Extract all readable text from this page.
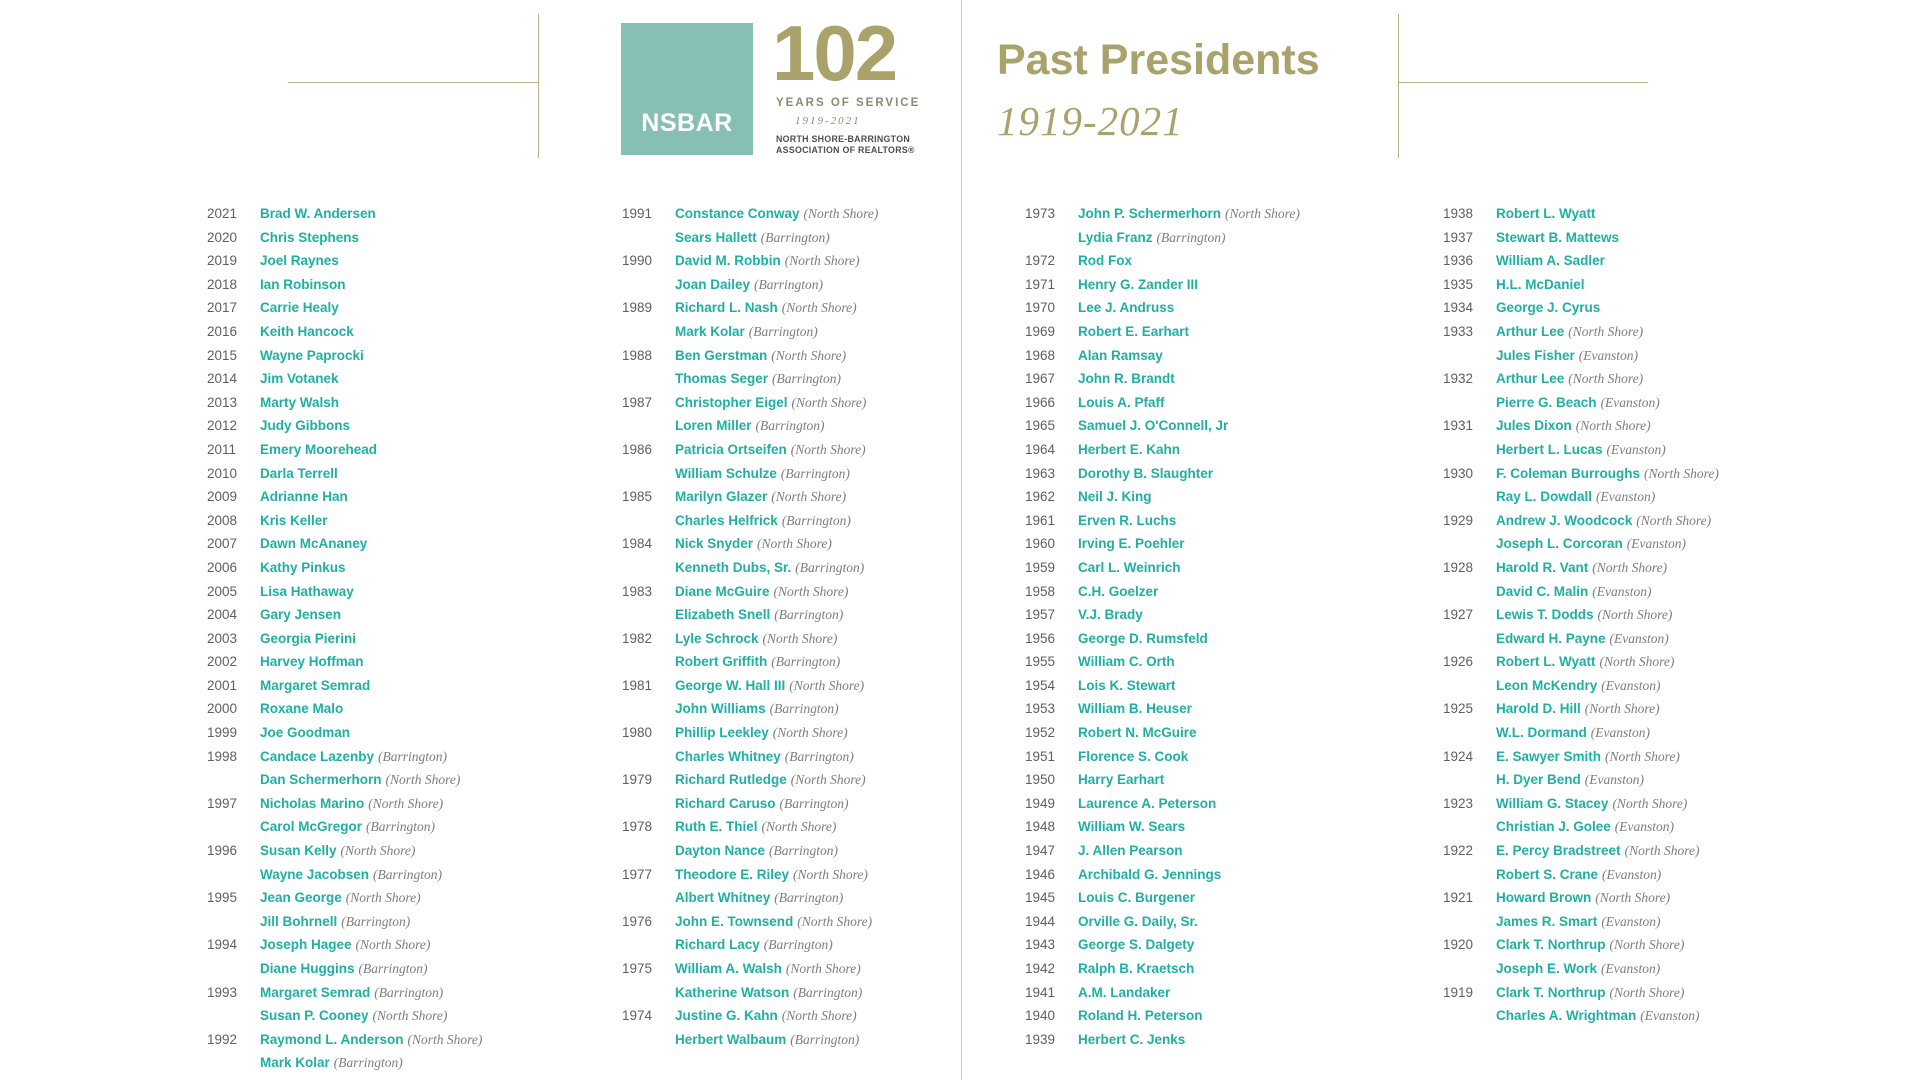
NSBAR
102
YEARS OF SERVICE
1919-2021
NORTH SHORE-BARRINGTON
ASSOCIATION OF REALTORS®
Past Presidents
1919-2021
2021 Brad W. Andersen
2020 Chris Stephens
2019 Joel Raynes
2018 Ian Robinson
2017 Carrie Healy
2016 Keith Hancock
2015 Wayne Paprocki
2014 Jim Votanek
2013 Marty Walsh
2012 Judy Gibbons
2011 Emery Moorehead
2010 Darla Terrell
2009 Adrianne Han
2008 Kris Keller
2007 Dawn McAnaney
2006 Kathy Pinkus
2005 Lisa Hathaway
2004 Gary Jensen
2003 Georgia Pierini
2002 Harvey Hoffman
2001 Margaret Semrad
2000 Roxane Malo
1999 Joe Goodman
1998 Candace Lazenby (Barrington)
Dan Schermerhorn (North Shore)
1997 Nicholas Marino (North Shore)
Carol McGregor (Barrington)
1996 Susan Kelly (North Shore)
Wayne Jacobsen (Barrington)
1995 Jean George (North Shore)
Jill Bohrnell (Barrington)
1994 Joseph Hagee (North Shore)
Diane Huggins (Barrington)
1993 Margaret Semrad (Barrington)
Susan P. Cooney (North Shore)
1992 Raymond L. Anderson (North Shore)
Mark Kolar (Barrington)
1991 Constance Conway (North Shore)
Sears Hallett (Barrington)
1990 David M. Robbin (North Shore)
Joan Dailey (Barrington)
1989 Richard L. Nash (North Shore)
Mark Kolar (Barrington)
1988 Ben Gerstman (North Shore)
Thomas Seger (Barrington)
1987 Christopher Eigel (North Shore)
Loren Miller (Barrington)
1986 Patricia Ortseifen (North Shore)
William Schulze (Barrington)
1985 Marilyn Glazer (North Shore)
Charles Helfrick (Barrington)
1984 Nick Snyder (North Shore)
Kenneth Dubs, Sr. (Barrington)
1983 Diane McGuire (North Shore)
Elizabeth Snell (Barrington)
1982 Lyle Schrock (North Shore)
Robert Griffith (Barrington)
1981 George W. Hall III (North Shore)
John Williams (Barrington)
1980 Phillip Leekley (North Shore)
Charles Whitney (Barrington)
1979 Richard Rutledge (North Shore)
Richard Caruso (Barrington)
1978 Ruth E. Thiel (North Shore)
Dayton Nance (Barrington)
1977 Theodore E. Riley (North Shore)
Albert Whitney (Barrington)
1976 John E. Townsend (North Shore)
Richard Lacy (Barrington)
1975 William A. Walsh (North Shore)
Katherine Watson (Barrington)
1974 Justine G. Kahn (North Shore)
Herbert Walbaum (Barrington)
1973 John P. Schermerhorn (North Shore)
Lydia Franz (Barrington)
1972 Rod Fox
1971 Henry G. Zander III
1970 Lee J. Andruss
1969 Robert E. Earhart
1968 Alan Ramsay
1967 John R. Brandt
1966 Louis A. Pfaff
1965 Samuel J. O'Connell, Jr
1964 Herbert E. Kahn
1963 Dorothy B. Slaughter
1962 Neil J. King
1961 Erven R. Luchs
1960 Irving E. Poehler
1959 Carl L. Weinrich
1958 C.H. Goelzer
1957 V.J. Brady
1956 George D. Rumsfeld
1955 William C. Orth
1954 Lois K. Stewart
1953 William B. Heuser
1952 Robert N. McGuire
1951 Florence S. Cook
1950 Harry Earhart
1949 Laurence A. Peterson
1948 William W. Sears
1947 J. Allen Pearson
1946 Archibald G. Jennings
1945 Louis C. Burgener
1944 Orville G. Daily, Sr.
1943 George S. Dalgety
1942 Ralph B. Kraetsch
1941 A.M. Landaker
1940 Roland H. Peterson
1939 Herbert C. Jenks
1938 Robert L. Wyatt
1937 Stewart B. Mattews
1936 William A. Sadler
1935 H.L. McDaniel
1934 George J. Cyrus
1933 Arthur Lee (North Shore)
Jules Fisher (Evanston)
1932 Arthur Lee (North Shore)
Pierre G. Beach (Evanston)
1931 Jules Dixon (North Shore)
Herbert L. Lucas (Evanston)
1930 F. Coleman Burroughs (North Shore)
Ray L. Dowdall (Evanston)
1929 Andrew J. Woodcock (North Shore)
Joseph L. Corcoran (Evanston)
1928 Harold R. Vant (North Shore)
David C. Malin (Evanston)
1927 Lewis T. Dodds (North Shore)
Edward H. Payne (Evanston)
1926 Robert L. Wyatt (North Shore)
Leon McKendry (Evanston)
1925 Harold D. Hill (North Shore)
W.L. Dormand (Evanston)
1924 E. Sawyer Smith (North Shore)
H. Dyer Bend (Evanston)
1923 William G. Stacey (North Shore)
Christian J. Golee (Evanston)
1922 E. Percy Bradstreet (North Shore)
Robert S. Crane (Evanston)
1921 Howard Brown (North Shore)
James R. Smart (Evanston)
1920 Clark T. Northrup (North Shore)
Joseph E. Work (Evanston)
1919 Clark T. Northrup (North Shore)
Charles A. Wrightman (Evanston)
